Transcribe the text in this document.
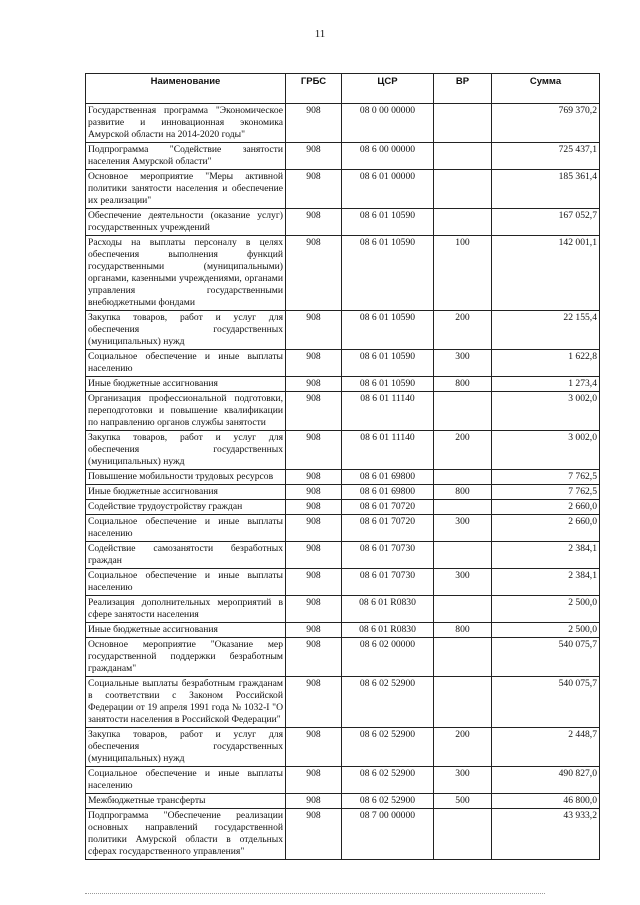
11
Наименование	ГРБС	ЦСР	ВР	Сумма
Государственная программа "Экономическое развитие и инновационная экономика Амурской области на 2014-2020 годы"	908	08 0 00 00000		769 370,2
Подпрограмма "Содействие занятости населения Амурской области"	908	08 6 00 00000		725 437,1
Основное мероприятие "Меры активной политики занятости населения и обеспечение их реализации"	908	08 6 01 00000		185 361,4
Обеспечение деятельности (оказание услуг) государственных учреждений	908	08 6 01 10590		167 052,7
Расходы на выплаты персоналу в целях обеспечения выполнения функций государственными (муниципальными) органами, казенными учреждениями, органами управления государственными внебюджетными фондами	908	08 6 01 10590	100	142 001,1
Закупка товаров, работ и услуг для обеспечения государственных (муниципальных) нужд	908	08 6 01 10590	200	22 155,4
Социальное обеспечение и иные выплаты населению	908	08 6 01 10590	300	1 622,8
Иные бюджетные ассигнования	908	08 6 01 10590	800	1 273,4
Организация профессиональной подготовки, переподготовки и повышение квалификации по направлению органов службы занятости	908	08 6 01 11140		3 002,0
Закупка товаров, работ и услуг для обеспечения государственных (муниципальных) нужд	908	08 6 01 11140	200	3 002,0
Повышение мобильности трудовых ресурсов	908	08 6 01 69800		7 762,5
Иные бюджетные ассигнования	908	08 6 01 69800	800	7 762,5
Содействие трудоустройству граждан	908	08 6 01 70720		2 660,0
Социальное обеспечение и иные выплаты населению	908	08 6 01 70720	300	2 660,0
Содействие самозанятости безработных граждан	908	08 6 01 70730		2 384,1
Социальное обеспечение и иные выплаты населению	908	08 6 01 70730	300	2 384,1
Реализация дополнительных мероприятий в сфере занятости населения	908	08 6 01 R0830		2 500,0
Иные бюджетные ассигнования	908	08 6 01 R0830	800	2 500,0
Основное мероприятие "Оказание мер государственной поддержки безработным гражданам"	908	08 6 02 00000		540 075,7
Социальные выплаты безработным гражданам в соответствии с Законом Российской Федерации от 19 апреля 1991 года № 1032-I "О занятости населения в Российской Федерации"	908	08 6 02 52900		540 075,7
Закупка товаров, работ и услуг для обеспечения государственных (муниципальных) нужд	908	08 6 02 52900	200	2 448,7
Социальное обеспечение и иные выплаты населению	908	08 6 02 52900	300	490 827,0
Межбюджетные трансферты	908	08 6 02 52900	500	46 800,0
Подпрограмма "Обеспечение реализации основных направлений государственной политики Амурской области в отдельных сферах государственного управления"	908	08 7 00 00000		43 933,2
